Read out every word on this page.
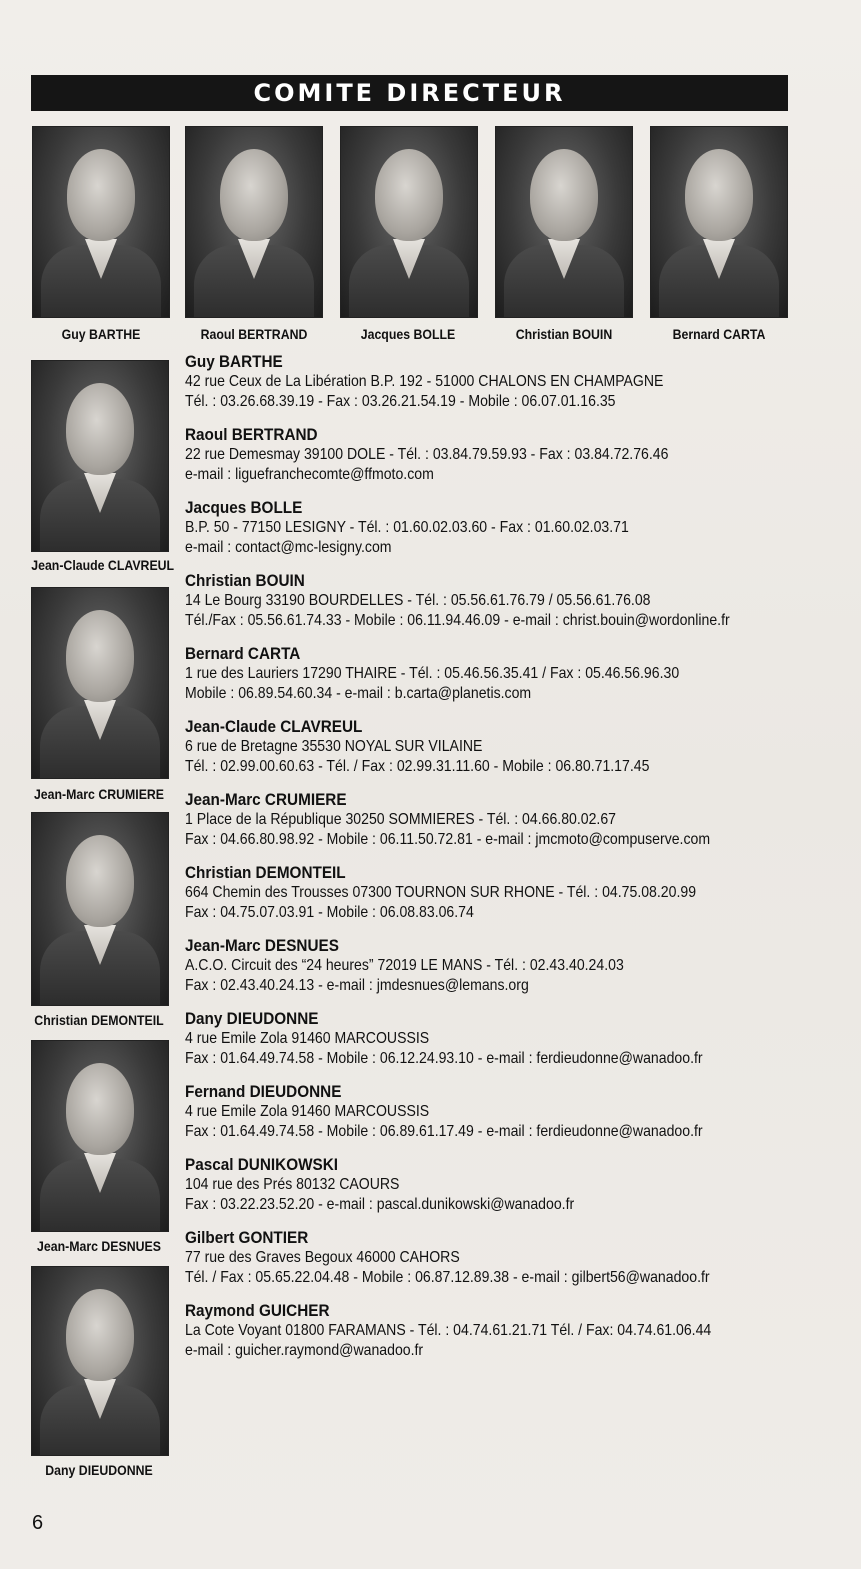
COMITE DIRECTEUR
Guy BARTHE	Raoul BERTRAND	Jacques BOLLE	Christian BOUIN	Bernard CARTA
Jean-Claude CLAVREUL
Jean-Marc CRUMIERE
Christian DEMONTEIL
Jean-Marc DESNUES
Dany DIEUDONNE
Guy BARTHE
42 rue Ceux de La Libération B.P. 192 - 51000 CHALONS EN CHAMPAGNE
Tél. : 03.26.68.39.19 - Fax : 03.26.21.54.19 - Mobile : 06.07.01.16.35
Raoul BERTRAND
22 rue Demesmay 39100 DOLE - Tél. : 03.84.79.59.93 - Fax : 03.84.72.76.46
e-mail : liguefranchecomte@ffmoto.com
Jacques BOLLE
B.P. 50 - 77150 LESIGNY - Tél. : 01.60.02.03.60 - Fax : 01.60.02.03.71
e-mail : contact@mc-lesigny.com
Christian BOUIN
14 Le Bourg 33190 BOURDELLES - Tél. : 05.56.61.76.79 / 05.56.61.76.08
Tél./Fax : 05.56.61.74.33 - Mobile : 06.11.94.46.09 - e-mail : christ.bouin@wordonline.fr
Bernard CARTA
1 rue des Lauriers 17290 THAIRE - Tél. : 05.46.56.35.41 / Fax : 05.46.56.96.30
Mobile : 06.89.54.60.34 - e-mail : b.carta@planetis.com
Jean-Claude CLAVREUL
6 rue de Bretagne 35530 NOYAL SUR VILAINE
Tél. : 02.99.00.60.63 - Tél. / Fax : 02.99.31.11.60 - Mobile : 06.80.71.17.45
Jean-Marc CRUMIERE
1 Place de la République 30250 SOMMIERES - Tél. : 04.66.80.02.67
Fax : 04.66.80.98.92 - Mobile : 06.11.50.72.81 - e-mail : jmcmoto@compuserve.com
Christian DEMONTEIL
664 Chemin des Trousses 07300 TOURNON SUR RHONE - Tél. : 04.75.08.20.99
Fax : 04.75.07.03.91 - Mobile : 06.08.83.06.74
Jean-Marc DESNUES
A.C.O. Circuit des “24 heures” 72019 LE MANS - Tél. : 02.43.40.24.03
Fax : 02.43.40.24.13 - e-mail : jmdesnues@lemans.org
Dany DIEUDONNE
4 rue Emile Zola 91460 MARCOUSSIS
Fax : 01.64.49.74.58 - Mobile : 06.12.24.93.10 - e-mail : ferdieudonne@wanadoo.fr
Fernand DIEUDONNE
4 rue Emile Zola 91460 MARCOUSSIS
Fax : 01.64.49.74.58 - Mobile : 06.89.61.17.49 - e-mail : ferdieudonne@wanadoo.fr
Pascal DUNIKOWSKI
104 rue des Prés 80132 CAOURS
Fax : 03.22.23.52.20 - e-mail : pascal.dunikowski@wanadoo.fr
Gilbert GONTIER
77 rue des Graves Begoux 46000 CAHORS
Tél. / Fax : 05.65.22.04.48 - Mobile : 06.87.12.89.38 - e-mail : gilbert56@wanadoo.fr
Raymond GUICHER
La Cote Voyant 01800 FARAMANS - Tél. : 04.74.61.21.71 Tél. / Fax: 04.74.61.06.44
e-mail : guicher.raymond@wanadoo.fr
6
